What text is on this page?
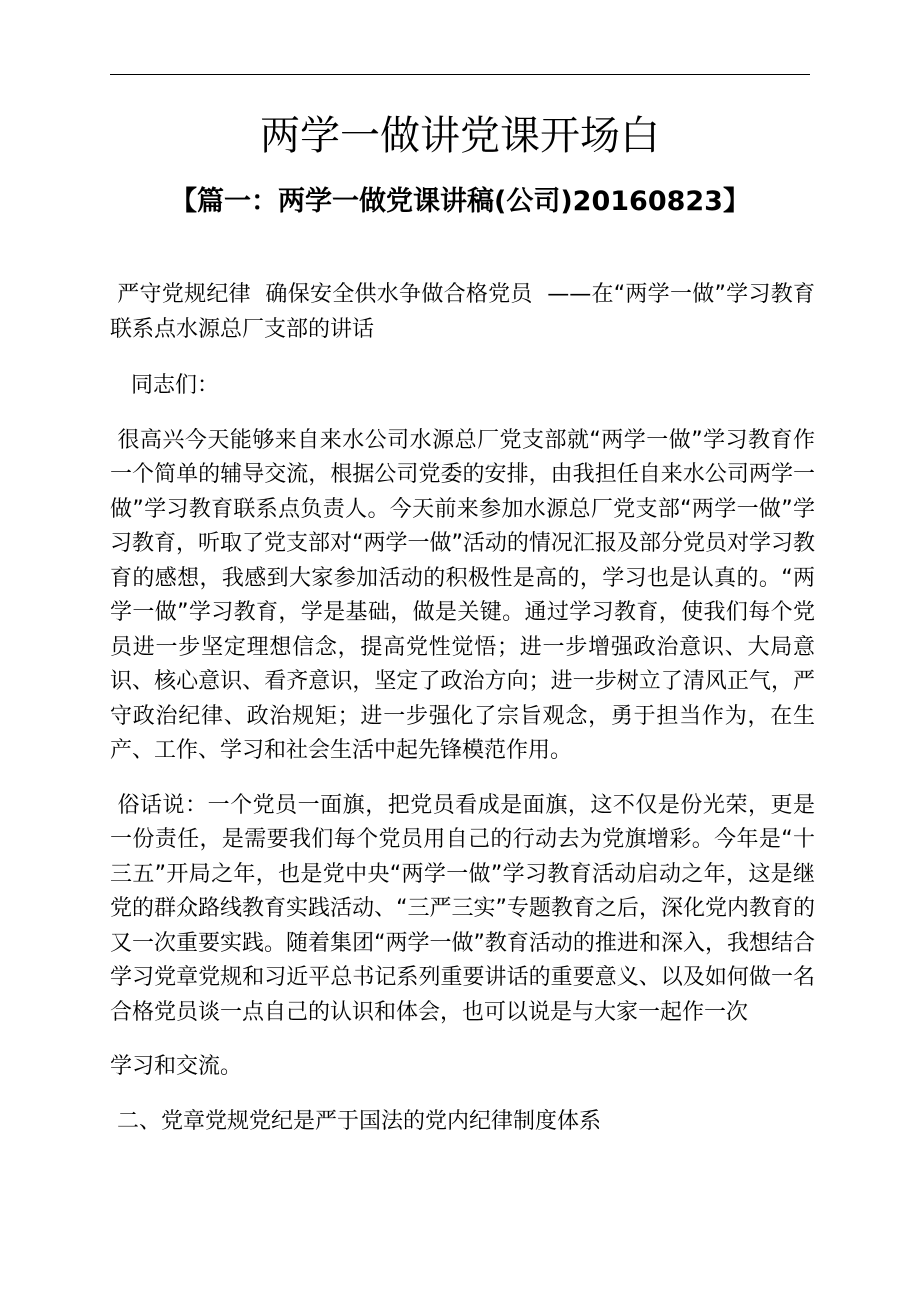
两学一做讲党课开场白
【篇一：两学一做党课讲稿(公司)20160823】

严守党规纪律  确保安全供水争做合格党员  ——在“两学一做”学习教育联系点水源总厂支部的讲话

同志们：

很高兴今天能够来自来水公司水源总厂党支部就“两学一做”学习教育作一个简单的辅导交流，根据公司党委的安排，由我担任自来水公司两学一做”学习教育联系点负责人。今天前来参加水源总厂党支部“两学一做”学习教育，听取了党支部对“两学一做”活动的情况汇报及部分党员对学习教育的感想，我感到大家参加活动的积极性是高的，学习也是认真的。“两学一做”学习教育，学是基础，做是关键。通过学习教育，使我们每个党员进一步坚定理想信念，提高党性觉悟；进一步增强政治意识、大局意识、核心意识、看齐意识，坚定了政治方向；进一步树立了清风正气，严守政治纪律、政治规矩；进一步强化了宗旨观念，勇于担当作为，在生产、工作、学习和社会生活中起先锋模范作用。

俗话说：一个党员一面旗，把党员看成是面旗，这不仅是份光荣，更是一份责任，是需要我们每个党员用自己的行动去为党旗增彩。今年是“十三五”开局之年，也是党中央“两学一做”学习教育活动启动之年，这是继党的群众路线教育实践活动、“三严三实”专题教育之后，深化党内教育的又一次重要实践。随着集团“两学一做”教育活动的推进和深入，我想结合学习党章党规和习近平总书记系列重要讲话的重要意义、以及如何做一名合格党员谈一点自己的认识和体会，也可以说是与大家一起作一次

学习和交流。

二、党章党规党纪是严于国法的党内纪律制度体系
